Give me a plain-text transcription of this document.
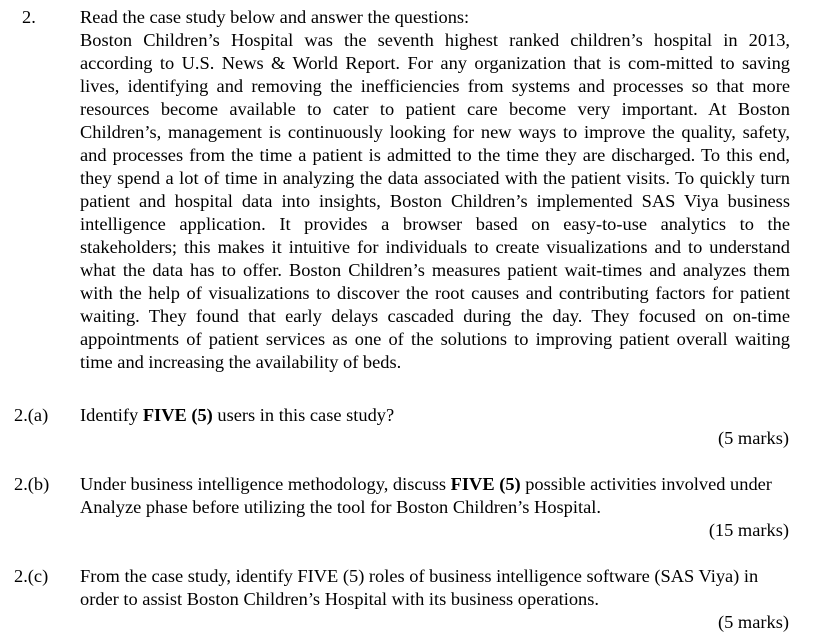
2. Read the case study below and answer the questions:
Boston Children’s Hospital was the seventh highest ranked children’s hospital in 2013, according to U.S. News & World Report. For any organization that is com-mitted to saving lives, identifying and removing the inefficiencies from systems and processes so that more resources become available to cater to patient care become very important. At Boston Children’s, management is continuously looking for new ways to improve the quality, safety, and processes from the time a patient is admitted to the time they are discharged. To this end, they spend a lot of time in analyzing the data associated with the patient visits. To quickly turn patient and hospital data into insights, Boston Children’s implemented SAS Viya business intelligence application. It provides a browser based on easy-to-use analytics to the stakeholders; this makes it intuitive for individuals to create visualizations and to understand what the data has to offer. Boston Children’s measures patient wait-times and analyzes them with the help of visualizations to discover the root causes and contributing factors for patient waiting. They found that early delays cascaded during the day. They focused on on-time appointments of patient services as one of the solutions to improving patient overall waiting time and increasing the availability of beds.
2.(a) Identify FIVE (5) users in this case study?
(5 marks)
2.(b) Under business intelligence methodology, discuss FIVE (5) possible activities involved under Analyze phase before utilizing the tool for Boston Children’s Hospital.
(15 marks)
2.(c) From the case study, identify FIVE (5) roles of business intelligence software (SAS Viya) in order to assist Boston Children’s Hospital with its business operations.
(5 marks)
